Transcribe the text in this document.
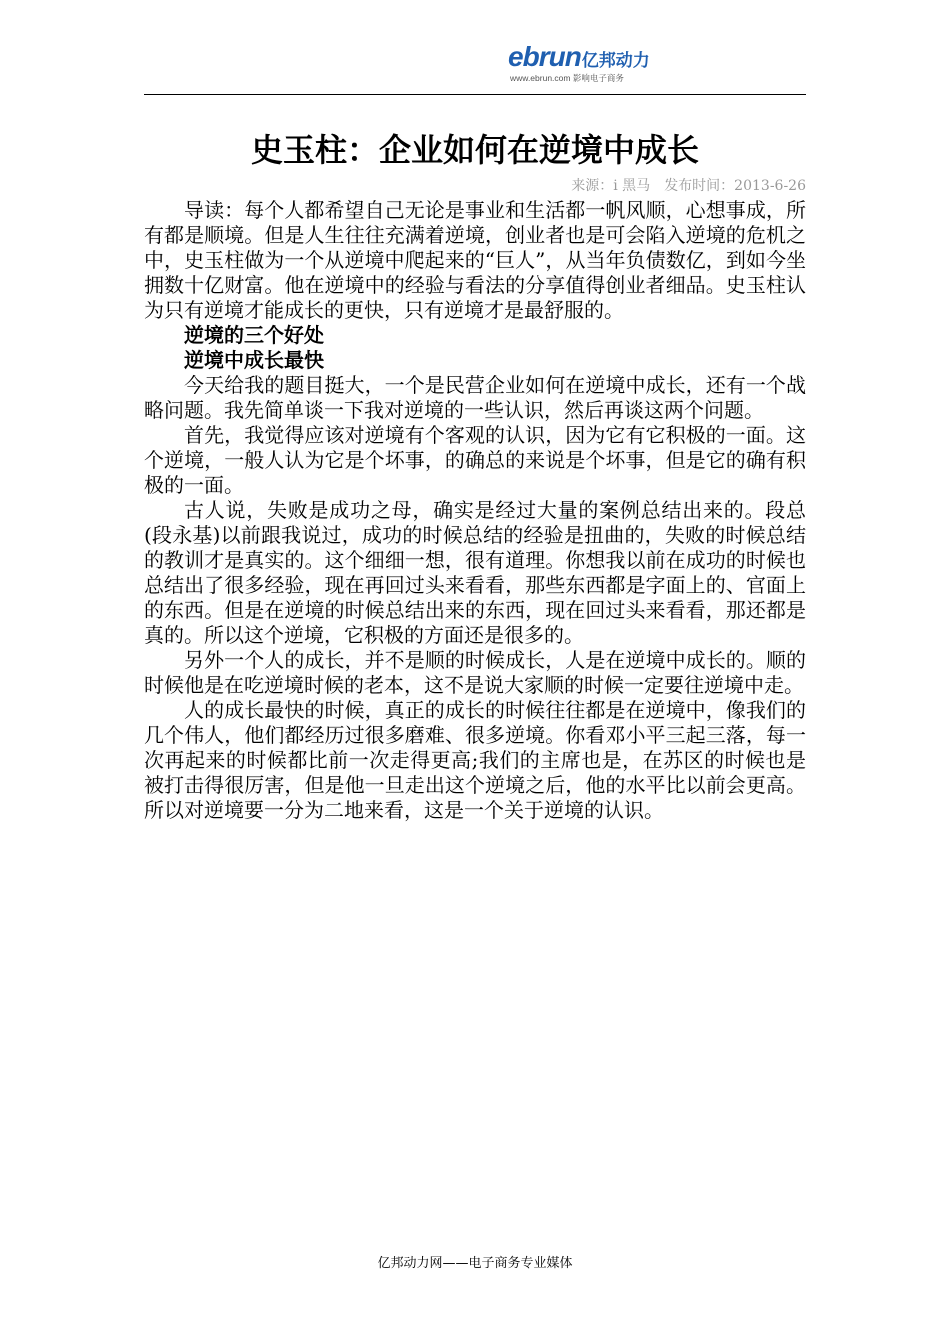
ebrun亿邦动力
www.ebrun.com 影响电子商务
史玉柱：企业如何在逆境中成长
来源：i 黑马 发布时间：2013-6-26

导读：每个人都希望自己无论是事业和生活都一帆风顺，心想事成，所有都是顺境。但是人生往往充满着逆境，创业者也是可会陷入逆境的危机之中，史玉柱做为一个从逆境中爬起来的“巨人”，从当年负债数亿，到如今坐拥数十亿财富。他在逆境中的经验与看法的分享值得创业者细品。史玉柱认为只有逆境才能成长的更快，只有逆境才是最舒服的。

逆境的三个好处

逆境中成长最快

今天给我的题目挺大，一个是民营企业如何在逆境中成长，还有一个战略问题。我先简单谈一下我对逆境的一些认识，然后再谈这两个问题。

首先，我觉得应该对逆境有个客观的认识，因为它有它积极的一面。这个逆境，一般人认为它是个坏事，的确总的来说是个坏事，但是它的确有积极的一面。

古人说，失败是成功之母，确实是经过大量的案例总结出来的。段总(段永基)以前跟我说过，成功的时候总结的经验是扭曲的，失败的时候总结的教训才是真实的。这个细细一想，很有道理。你想我以前在成功的时候也总结出了很多经验，现在再回过头来看看，那些东西都是字面上的、官面上的东西。但是在逆境的时候总结出来的东西，现在回过头来看看，那还都是真的。所以这个逆境，它积极的方面还是很多的。

另外一个人的成长，并不是顺的时候成长，人是在逆境中成长的。顺的时候他是在吃逆境时候的老本，这不是说大家顺的时候一定要往逆境中走。

人的成长最快的时候，真正的成长的时候往往都是在逆境中，像我们的几个伟人，他们都经历过很多磨难、很多逆境。你看邓小平三起三落，每一次再起来的时候都比前一次走得更高;我们的主席也是，在苏区的时候也是被打击得很厉害，但是他一旦走出这个逆境之后，他的水平比以前会更高。所以对逆境要一分为二地来看，这是一个关于逆境的认识。

亿邦动力网——电子商务专业媒体
